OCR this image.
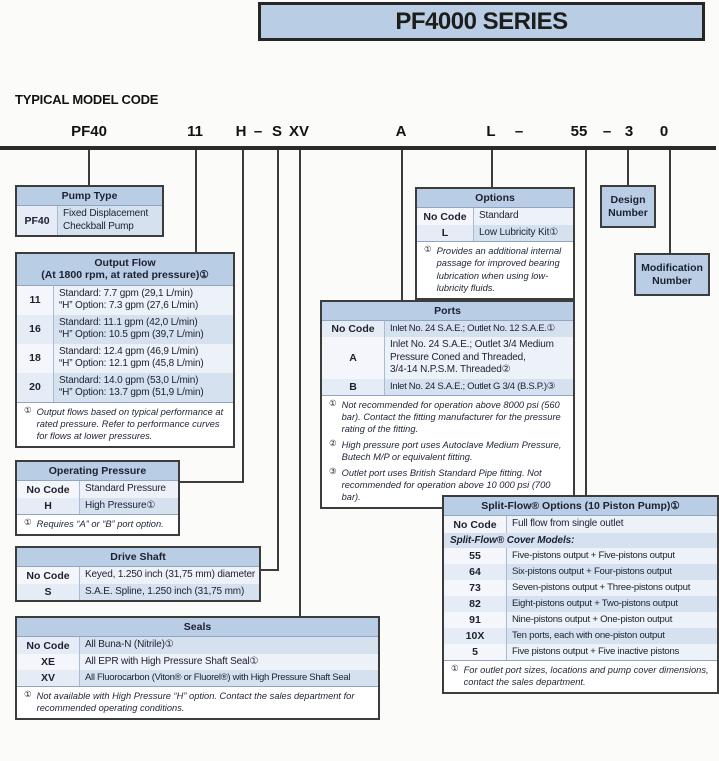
PF4000 SERIES
TYPICAL MODEL CODE
PF40	11 H – S XV	A	L –	55 – 3 0
Pump Type
PF40
Fixed Displacement
Checkball Pump
Output Flow
(At 1800 rpm, at rated pressure)①
11
Standard: 7.7 gpm (29,1 L/min)
“H” Option: 7.3 gpm (27,6 L/min)
16
Standard: 11.1 gpm (42,0 L/min)
“H” Option: 10.5 gpm (39,7 L/min)
18
Standard: 12.4 gpm (46,9 L/min)
“H” Option: 12.1 gpm (45,8 L/min)
20
Standard: 14.0 gpm (53,0 L/min)
“H” Option: 13.7 gpm (51,9 L/min)
① Output flows based on typical performance at rated pressure. Refer to performance curves for flows at lower pressures.
Operating Pressure
No Code	Standard Pressure
H	High Pressure①
① Requires “A” or “B” port option.
Drive Shaft
No Code	Keyed, 1.250 inch (31,75 mm) diameter
S	S.A.E. Spline, 1.250 inch (31,75 mm)
Seals
No Code	All Buna-N (Nitrile)①
XE	All EPR with High Pressure Shaft Seal①
XV	All Fluorocarbon (Viton® or Fluorel®) with High Pressure Shaft Seal
① Not available with High Pressure “H” option. Contact the sales department for recommended operating conditions.
Ports
No Code	Inlet No. 24 S.A.E.; Outlet No. 12 S.A.E.①
A
Inlet No. 24 S.A.E.; Outlet 3/4 Medium
Pressure Coned and Threaded,
3/4-14 N.P.S.M. Threaded②
B	Inlet No. 24 S.A.E.; Outlet G 3/4 (B.S.P.)③
① Not recommended for operation above 8000 psi (560 bar). Contact the fitting manufacturer for the pressure rating of the fitting.
② High pressure port uses Autoclave Medium Pressure, Butech M/P or equivalent fitting.
③ Outlet port uses British Standard Pipe fitting. Not recommended for operation above 10 000 psi (700 bar).
Options
No Code	Standard
L	Low Lubricity Kit①
① Provides an additional internal passage for improved bearing lubrication when using low-lubricity fluids.
Design Number
Modification Number
Split-Flow® Options (10 Piston Pump)①
No Code	Full flow from single outlet
Split-Flow® Cover Models:
55	Five-pistons output + Five-pistons output
64	Six-pistons output + Four-pistons output
73	Seven-pistons output + Three-pistons output
82	Eight-pistons output + Two-pistons output
91	Nine-pistons output + One-piston output
10X	Ten ports, each with one-piston output
5	Five pistons output + Five inactive pistons
① For outlet port sizes, locations and pump cover dimensions, contact the sales department.
